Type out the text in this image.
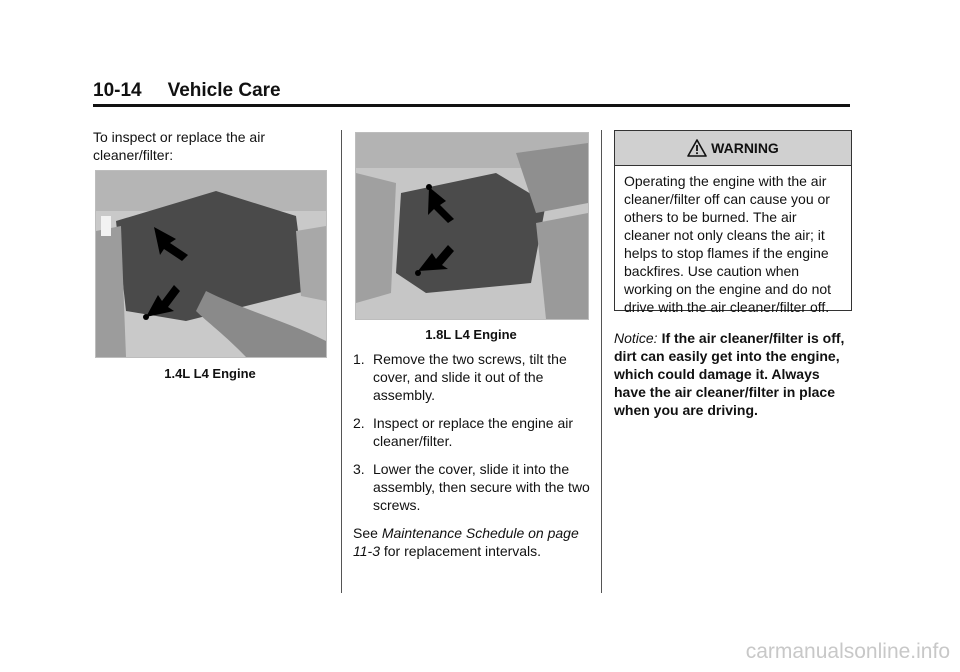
10-14 Vehicle Care

To inspect or replace the air cleaner/filter:

1.4L L4 Engine
1.8L L4 Engine
1. Remove the two screws, tilt the cover, and slide it out of the assembly.
2. Inspect or replace the engine air cleaner/filter.
3. Lower the cover, slide it into the assembly, then secure with the two screws.

See Maintenance Schedule on page 11-3 for replacement intervals.

WARNING
Operating the engine with the air cleaner/filter off can cause you or others to be burned. The air cleaner not only cleans the air; it helps to stop flames if the engine backfires. Use caution when working on the engine and do not drive with the air cleaner/filter off.
Notice: If the air cleaner/filter is off, dirt can easily get into the engine, which could damage it. Always have the air cleaner/filter in place when you are driving.
carmanualsonline.info
